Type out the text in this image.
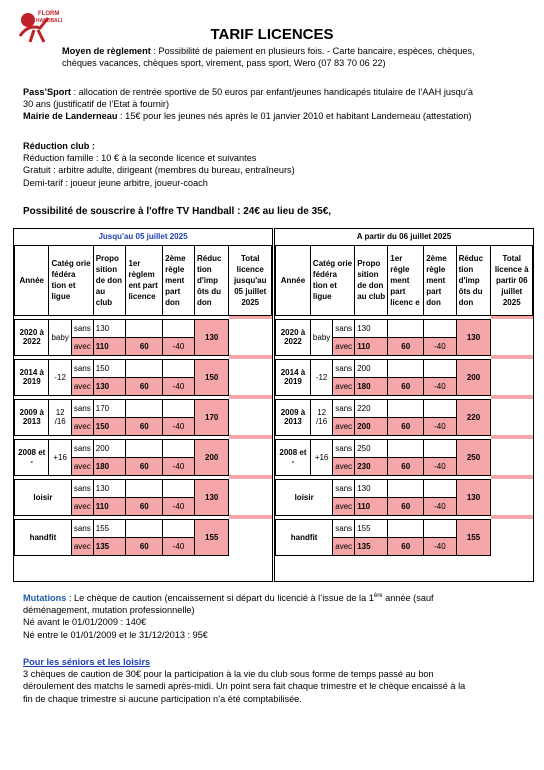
FLORM
HANDBALL
TARIF LICENCES
Moyen de règlement : Possibilité de paiement en plusieurs fois. - Carte bancaire, espèces, chèques,
chèques vacances, chèques sport, virement, pass sport, Wero (07 83 70 06 22)
Pass’Sport : allocation de rentrée sportive de 50 euros par enfant/jeunes handicapés titulaire de l’AAH jusqu’à
30 ans (justificatif de l’Etat à fournir)
Mairie de Landerneau : 15€ pour les jeunes nés après le 01 janvier 2010 et habitant Landerneau (attestation)
Réduction club :
Réduction famille : 10 € à la seconde licence et suivantes
Gratuit : arbitre adulte, dirigeant (membres du bureau, entraîneurs)
Demi-tarif : joueur jeune arbitre, joueur-coach
Possibilité de souscrire à l'offre TV Handball : 24€ au lieu de 35€,
Jusqu'au 05 juillet 2025							
Année	Catég orie fédéra tion et ligue		Propo sition de don au club	1er règlem ent part licence	2ème règle ment part don	Réduc tion d'imp ôts du don	Total licence jusqu'au 05 juillet 2025

2020 à 2022	baby	sans	130			130	
		avec	110	60	-40		

2014 à 2019	-12	sans	150			150	
		avec	130	60	-40		

2009 à 2013	12 /16	sans	170			170	
		avec	150	60	-40		

2008 et -	+16	sans	200			200	
		avec	180	60	-40		

loisir		sans	130			130	
		avec	110	60	-40		

handfit		sans	155			155	
		avec	135	60	-40		
A partir du 06 juillet 2025							
Année	Catég orie fédéra tion et ligue		Propo sition de don au club	1er règle ment part licenc e	2ème règle ment part don	Réduc tion d'imp ôts du don	Total licence à partir 06 juillet 2025

2020 à 2022	baby	sans	130			130	
		avec	110	60	-40		

2014 à 2019	-12	sans	200			200	
		avec	180	60	-40		

2009 à 2013	12 /16	sans	220			220	
		avec	200	60	-40		

2008 et -	+16	sans	250			250	
		avec	230	60	-40		

loisir		sans	130			130	
		avec	110	60	-40		

handfit		sans	155			155	
		avec	135	60	-40		
Mutations : Le chèque de caution (encaissement si départ du licencié à l’issue de la 1ère année (sauf
déménagement, mutation professionnelle)
Né avant le 01/01/2009 : 140€
Né entre le 01/01/2009 et le 31/12/2013 : 95€
Pour les séniors et les loisirs
3 chèques de caution de 30€ pour la participation à la vie du club sous forme de temps passé au bon
déroulement des matchs le samedi après-midi. Un point sera fait chaque trimestre et le chèque encaissé à la
fin de chaque trimestre si aucune participation n’a été comptabilisée.
